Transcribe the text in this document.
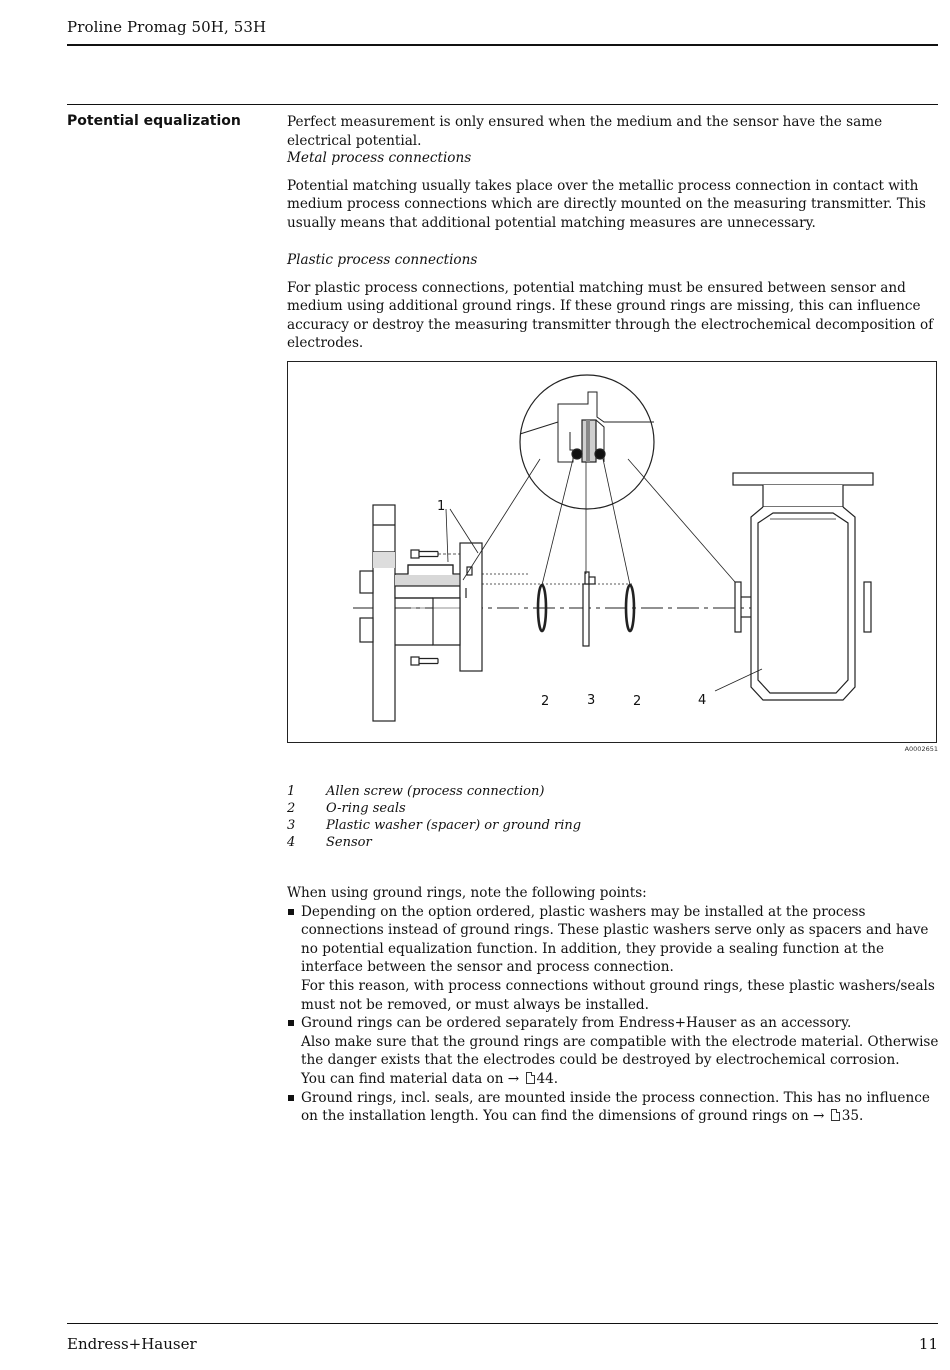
Proline Promag 50H, 53H
Potential equalization	Perfect measurement is only ensured when the medium and the sensor have the same electrical potential.

Metal process connections

Potential matching usually takes place over the metallic process connection in contact with medium process connections which are directly mounted on the measuring transmitter. This usually means that additional potential matching measures are unnecessary.

Plastic process connections

For plastic process connections, potential matching must be ensured between sensor and medium using additional ground rings. If these ground rings are missing, this can influence accuracy or destroy the measuring transmitter through the electrochemical decomposition of electrodes.

1
2	3	2	4
A0002651
1	Allen screw (process connection)
2	O-ring seals
3	Plastic washer (spacer) or ground ring
4	Sensor

When using ground rings, note the following points:

Depending on the option ordered, plastic washers may be installed at the process connections instead of ground rings. These plastic washers serve only as spacers and have no potential equalization function. In addition, they provide a sealing function at the interface between the sensor and process connection.

For this reason, with process connections without ground rings, these plastic washers/seals must not be removed, or must always be installed.

Ground rings can be ordered separately from Endress+Hauser as an accessory.

Also make sure that the ground rings are compatible with the electrode material. Otherwise the danger exists that the electrodes could be destroyed by electrochemical corrosion.

You can find material data on → 44.

Ground rings, incl. seals, are mounted inside the process connection. This has no influence on the installation length. You can find the dimensions of ground rings on → 35.

Endress+Hauser	11
